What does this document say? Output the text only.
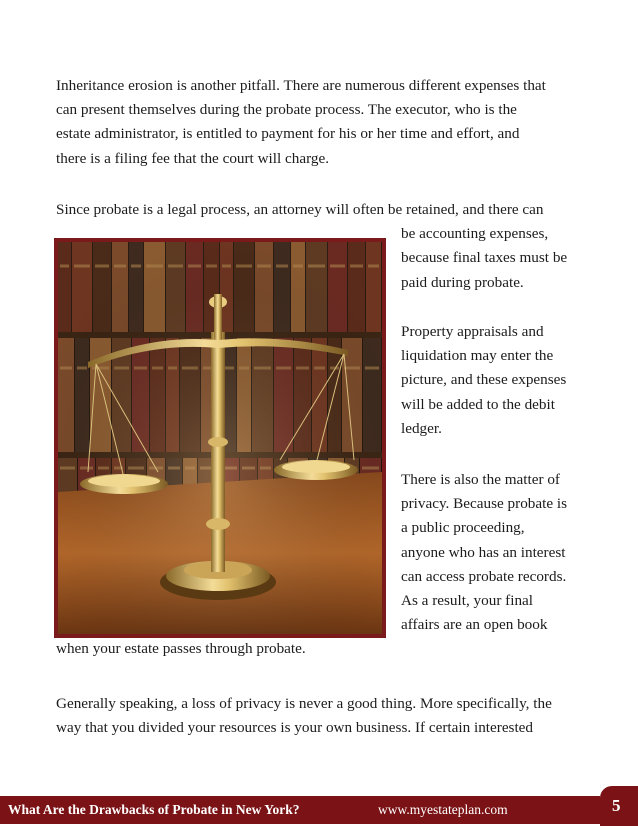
Inheritance erosion is another pitfall. There are numerous different expenses that
can present themselves during the probate process. The executor, who is the
estate administrator, is entitled to payment for his or her time and effort, and
there is a filing fee that the court will charge.

Since probate is a legal process, an attorney will often be retained, and there can
be accounting expenses,
because final taxes must be
paid during probate.

Property appraisals and
liquidation may enter the
picture, and these expenses
will be added to the debit
ledger.

There is also the matter of
privacy. Because probate is
a public proceeding,
anyone who has an interest
can access probate records.
As a result, your final
affairs are an open book
when your estate passes through probate.

Generally speaking, a loss of privacy is never a good thing. More specifically, the
way that you divided your resources is your own business. If certain interested

What Are the Drawbacks of Probate in New York?	www.myestateplan.com	5
